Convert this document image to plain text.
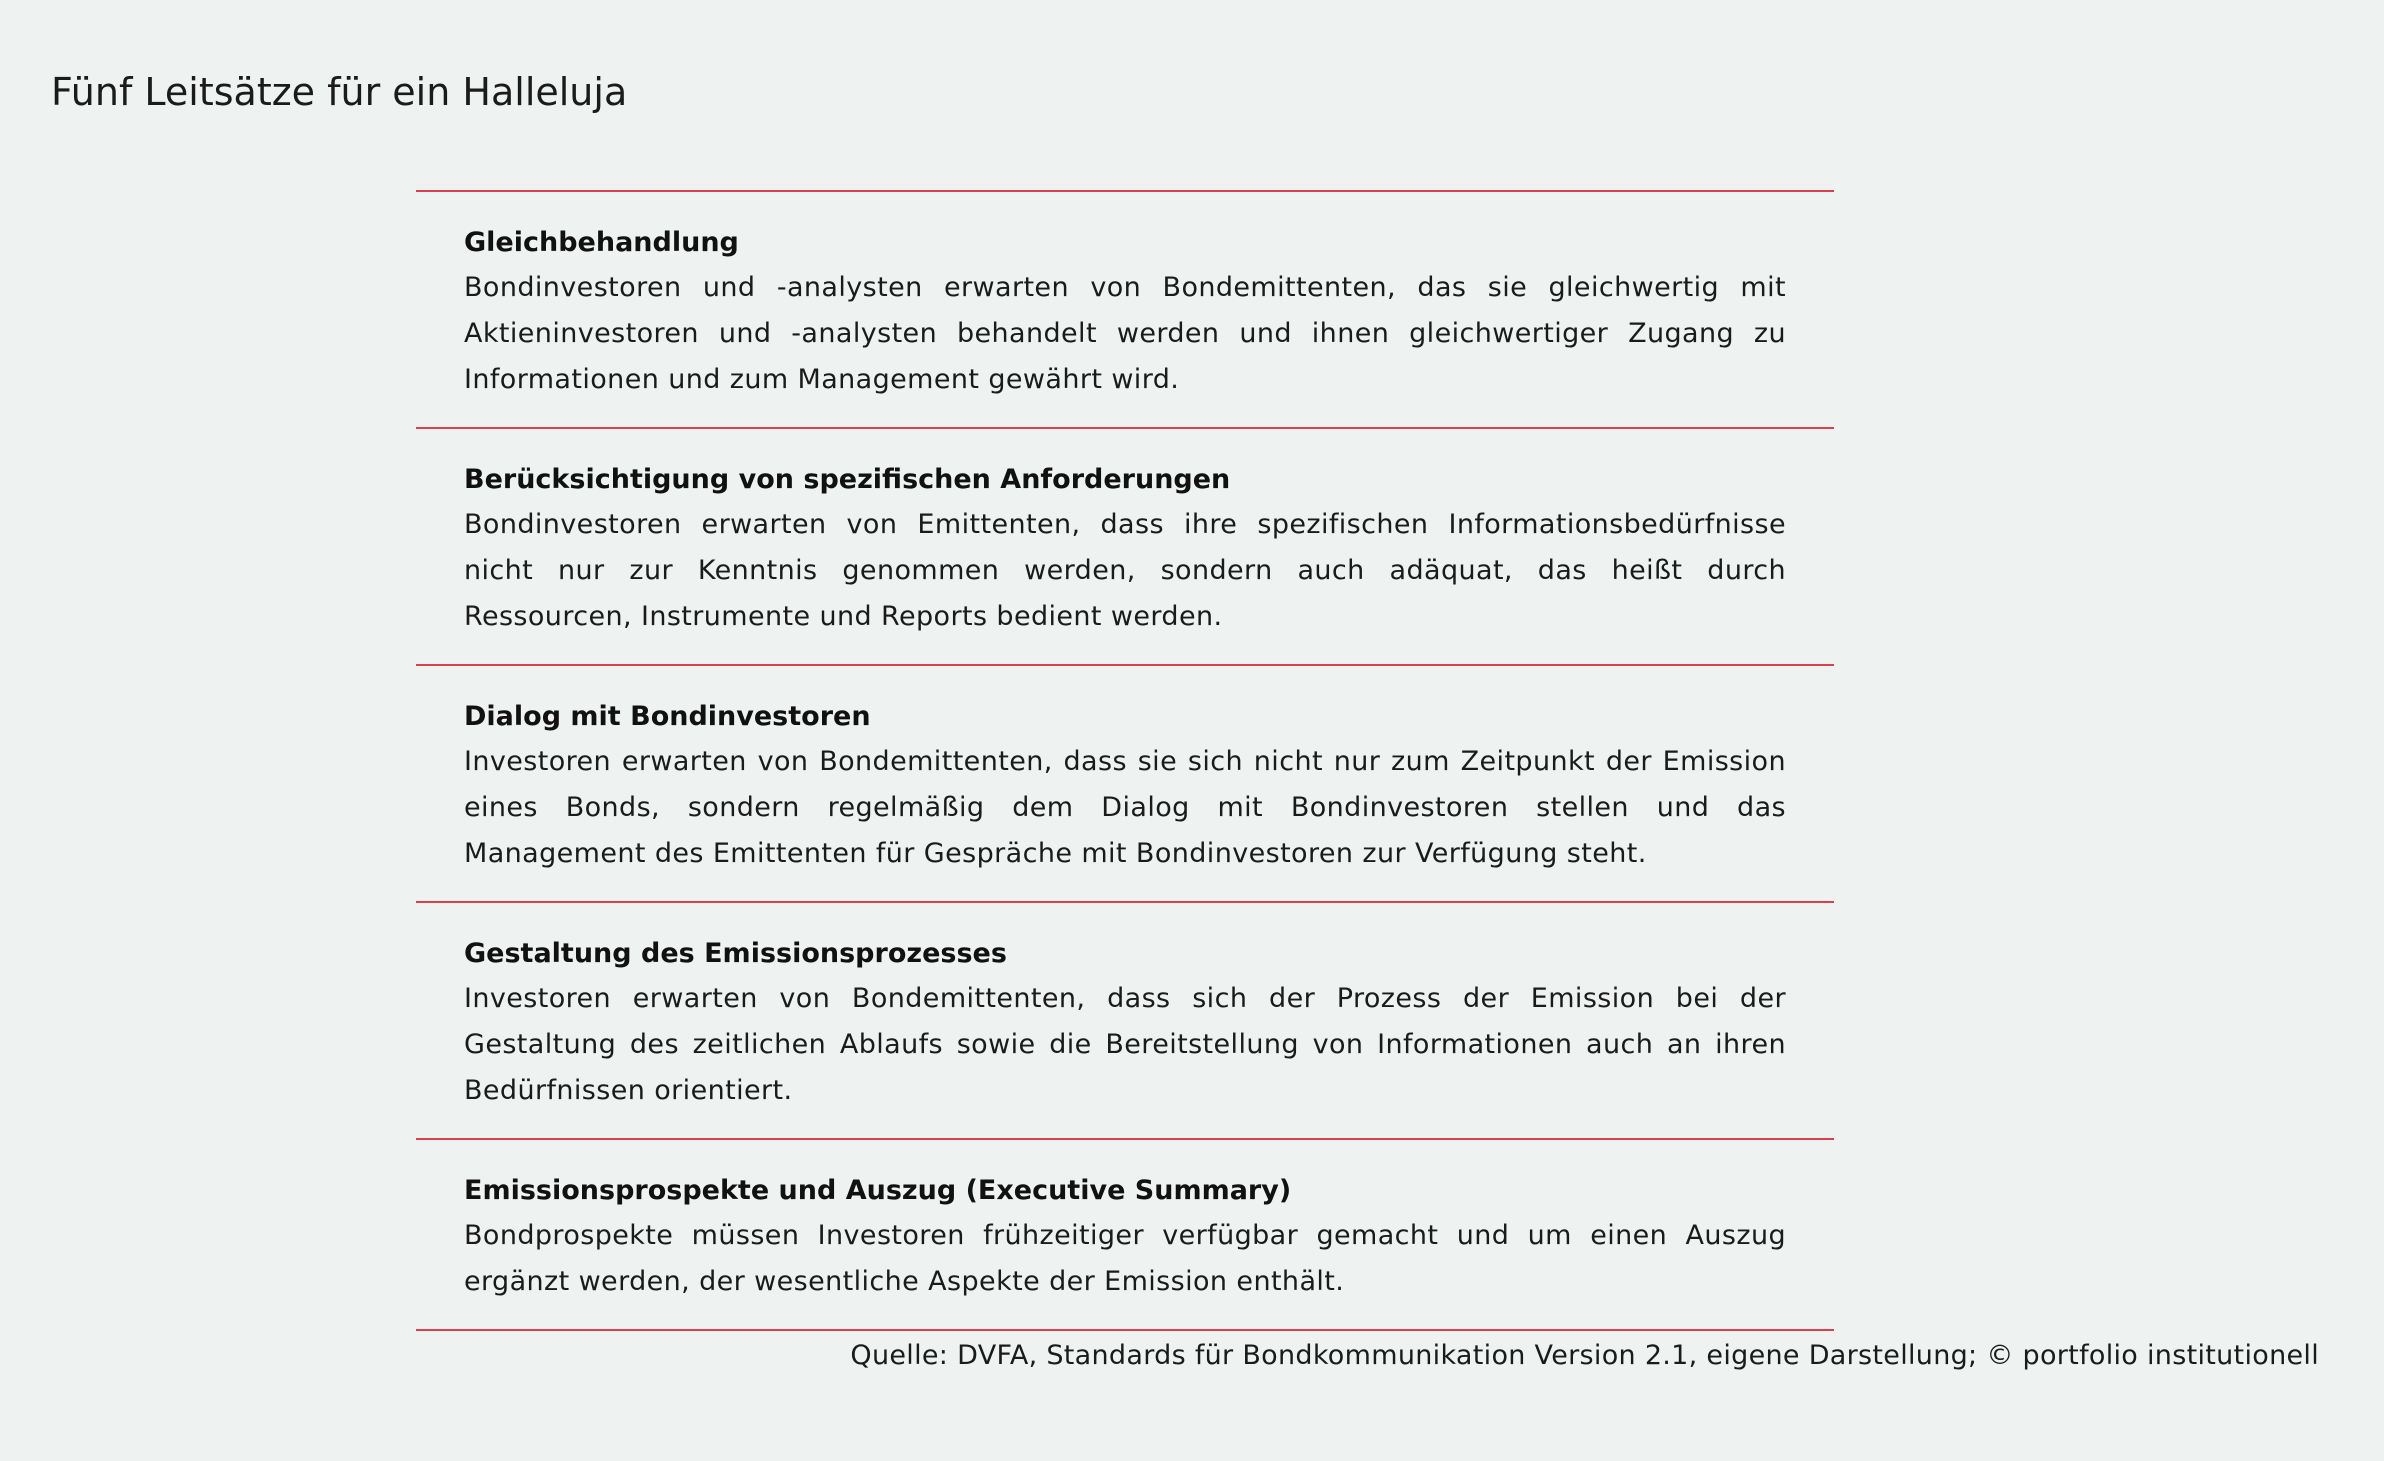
Fünf Leitsätze für ein Halleluja

Gleichbehandlung

Bondinvestoren und -analysten erwarten von Bondemittenten, das sie gleichwertig mit Aktieninvestoren und -analysten behandelt werden und ihnen gleichwertiger Zugang zu Informationen und zum Management gewährt wird.

Berücksichtigung von spezifischen Anforderungen

Bondinvestoren erwarten von Emittenten, dass ihre spezifischen Informationsbedürfnisse nicht nur zur Kenntnis genommen werden, sondern auch adäquat, das heißt durch Ressourcen, Instrumente und Reports bedient werden.

Dialog mit Bondinvestoren

Investoren erwarten von Bondemittenten, dass sie sich nicht nur zum Zeitpunkt der Emission eines Bonds, sondern regelmäßig dem Dialog mit Bondinvestoren stellen und das Management des Emittenten für Gespräche mit Bondinvestoren zur Verfügung steht.

Gestaltung des Emissionsprozesses

Investoren erwarten von Bondemittenten, dass sich der Prozess der Emission bei der Gestaltung des zeitlichen Ablaufs sowie die Bereitstellung von Informationen auch an ihren Bedürfnissen orientiert.

Emissionsprospekte und Auszug (Executive Summary)

Bondprospekte müssen Investoren frühzeitiger verfügbar gemacht und um einen Auszug ergänzt werden, der wesentliche Aspekte der Emission enthält.

Quelle: DVFA, Standards für Bondkommunikation Version 2.1, eigene Darstellung; © portfolio institutionell
